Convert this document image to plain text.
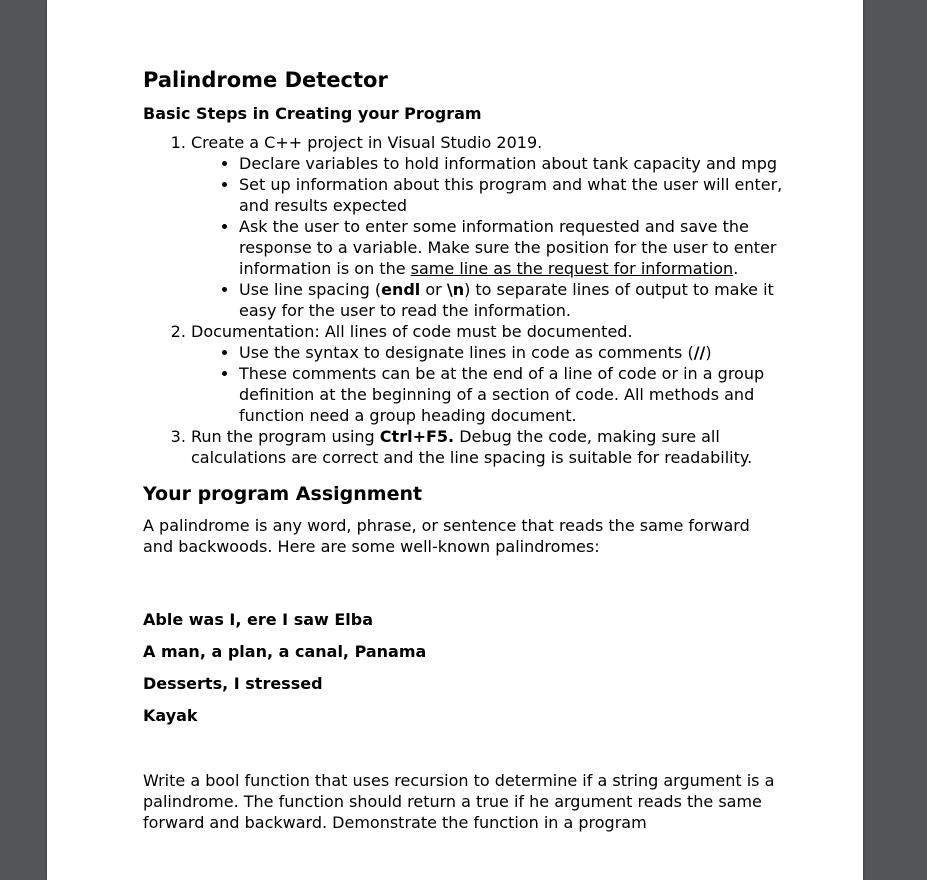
Palindrome Detector
Basic Steps in Creating your Program
1. Create a C++ project in Visual Studio 2019.
• Declare variables to hold information about tank capacity and mpg
• Set up information about this program and what the user will enter, and results expected
• Ask the user to enter some information requested and save the response to a variable. Make sure the position for the user to enter information is on the same line as the request for information.
• Use line spacing (endl or \n) to separate lines of output to make it easy for the user to read the information.
2. Documentation: All lines of code must be documented.
• Use the syntax to designate lines in code as comments (//)
• These comments can be at the end of a line of code or in a group definition at the beginning of a section of code. All methods and function need a group heading document.
3. Run the program using Ctrl+F5. Debug the code, making sure all calculations are correct and the line spacing is suitable for readability.
Your program Assignment

A palindrome is any word, phrase, or sentence that reads the same forward and backwoods. Here are some well-known palindromes:

Able was I, ere I saw Elba

A man, a plan, a canal, Panama

Desserts, I stressed

Kayak

Write a bool function that uses recursion to determine if a string argument is a palindrome. The function should return a true if he argument reads the same forward and backward. Demonstrate the function in a program
